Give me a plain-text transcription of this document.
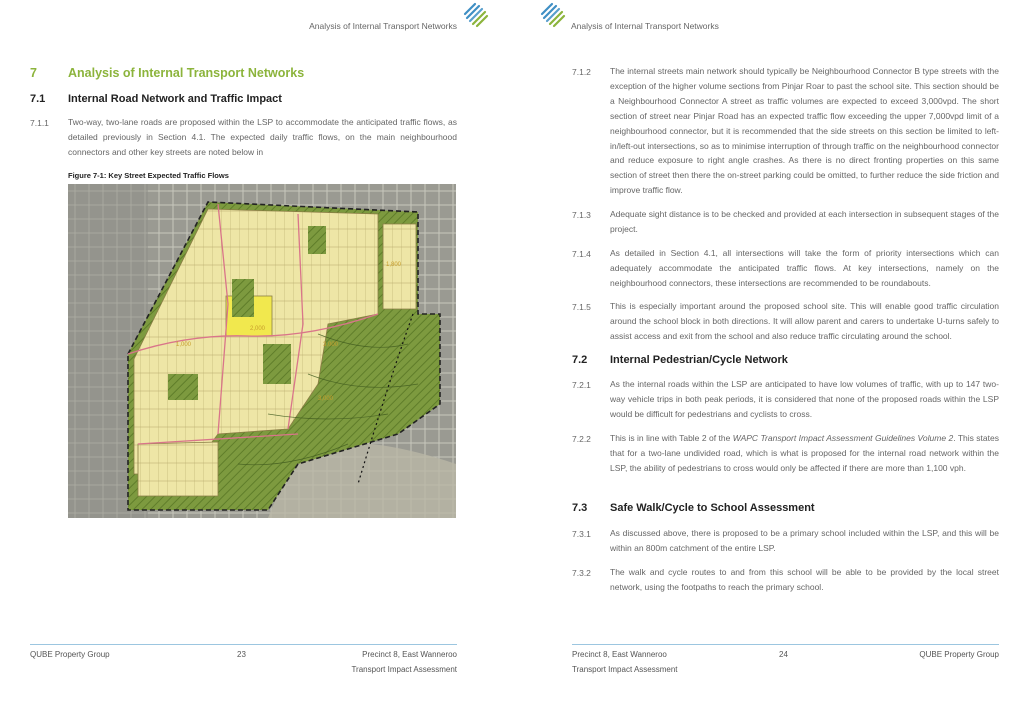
Analysis of Internal Transport Networks
7 Analysis of Internal Transport Networks
7.1 Internal Road Network and Traffic Impact
7.1.1 Two-way, two-lane roads are proposed within the LSP to accommodate the anticipated traffic flows, as detailed previously in Section 4.1. The expected daily traffic flows, on the main neighbourhood connectors and other key streets are noted below in

Figure 7-1: Key Street Expected Traffic Flows
1,000
2,000
3,000
3,000
1,800
QUBE Property Group	23	Precinct 8, East Wanneroo
Transport Impact Assessment
Analysis of Internal Transport Networks
7.1.2 The internal streets main network should typically be Neighbourhood Connector B type streets with the exception of the higher volume sections from Pinjar Roar to past the school site. This section should be a Neighbourhood Connector A street as traffic volumes are expected to exceed 3,000vpd. The short section of street near Pinjar Road has an expected traffic flow exceeding the upper 7,000vpd limit of a neighbourhood connector, but it is recommended that the side streets on this section be limited to left-in/left-out intersections, so as to minimise interruption of through traffic on the neighbourhood connector and reduce exposure to right angle crashes. As there is no direct fronting properties on this same section of street then there the on-street parking could be omitted, to further reduce the side friction and improve traffic flow.

7.1.3 Adequate sight distance is to be checked and provided at each intersection in subsequent stages of the project.

7.1.4 As detailed in Section 4.1, all intersections will take the form of priority intersections which can adequately accommodate the anticipated traffic flows. At key intersections, namely on the neighbourhood connectors, these intersections are recommended to be roundabouts.

7.1.5 This is especially important around the proposed school site. This will enable good traffic circulation around the school block in both directions. It will allow parent and carers to undertake U-turns safely to assist access and exit from the school and also reduce traffic circulating around the school.

7.2 Internal Pedestrian/Cycle Network
7.2.1 As the internal roads within the LSP are anticipated to have low volumes of traffic, with up to 147 two-way vehicle trips in both peak periods, it is considered that none of the proposed roads within the LSP would be difficult for pedestrians and cyclists to cross.

7.2.2 This is in line with Table 2 of the WAPC Transport Impact Assessment Guidelines Volume 2. This states that for a two-lane undivided road, which is what is proposed for the internal road network within the LSP, the ability of pedestrians to cross would only be affected if there are more than 1,100 vph.

7.3 Safe Walk/Cycle to School Assessment
7.3.1 As discussed above, there is proposed to be a primary school included within the LSP, and this will be within an 800m catchment of the entire LSP.

7.3.2 The walk and cycle routes to and from this school will be able to be provided by the local street network, using the footpaths to reach the primary school.

Precinct 8, East Wanneroo
Transport Impact Assessment
24	QUBE Property Group
